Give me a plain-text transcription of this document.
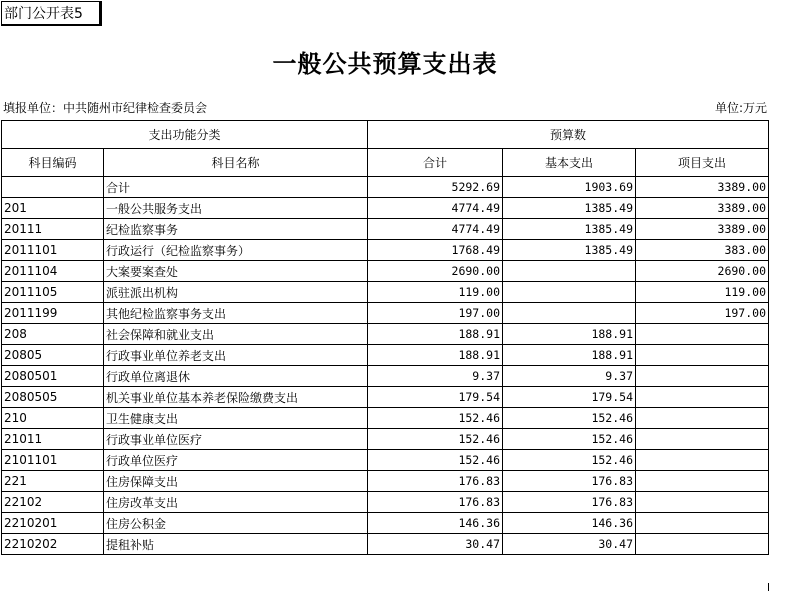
部门公开表5
一般公共预算支出表
填报单位：中共随州市纪律检查委员会	单位:万元
支出功能分类		预算数		
科目编码	科目名称	合计	基本支出	项目支出
	合计	5292.69	1903.69	3389.00
201	一般公共服务支出	4774.49	1385.49	3389.00
20111	纪检监察事务	4774.49	1385.49	3389.00
2011101	行政运行（纪检监察事务）	1768.49	1385.49	383.00
2011104	大案要案查处	2690.00		2690.00
2011105	派驻派出机构	119.00		119.00
2011199	其他纪检监察事务支出	197.00		197.00
208	社会保障和就业支出	188.91	188.91	
20805	行政事业单位养老支出	188.91	188.91	
2080501	行政单位离退休	9.37	9.37	
2080505	机关事业单位基本养老保险缴费支出	179.54	179.54	
210	卫生健康支出	152.46	152.46	
21011	行政事业单位医疗	152.46	152.46	
2101101	行政单位医疗	152.46	152.46	
221	住房保障支出	176.83	176.83	
22102	住房改革支出	176.83	176.83	
2210201	住房公积金	146.36	146.36	
2210202	提租补贴	30.47	30.47	
